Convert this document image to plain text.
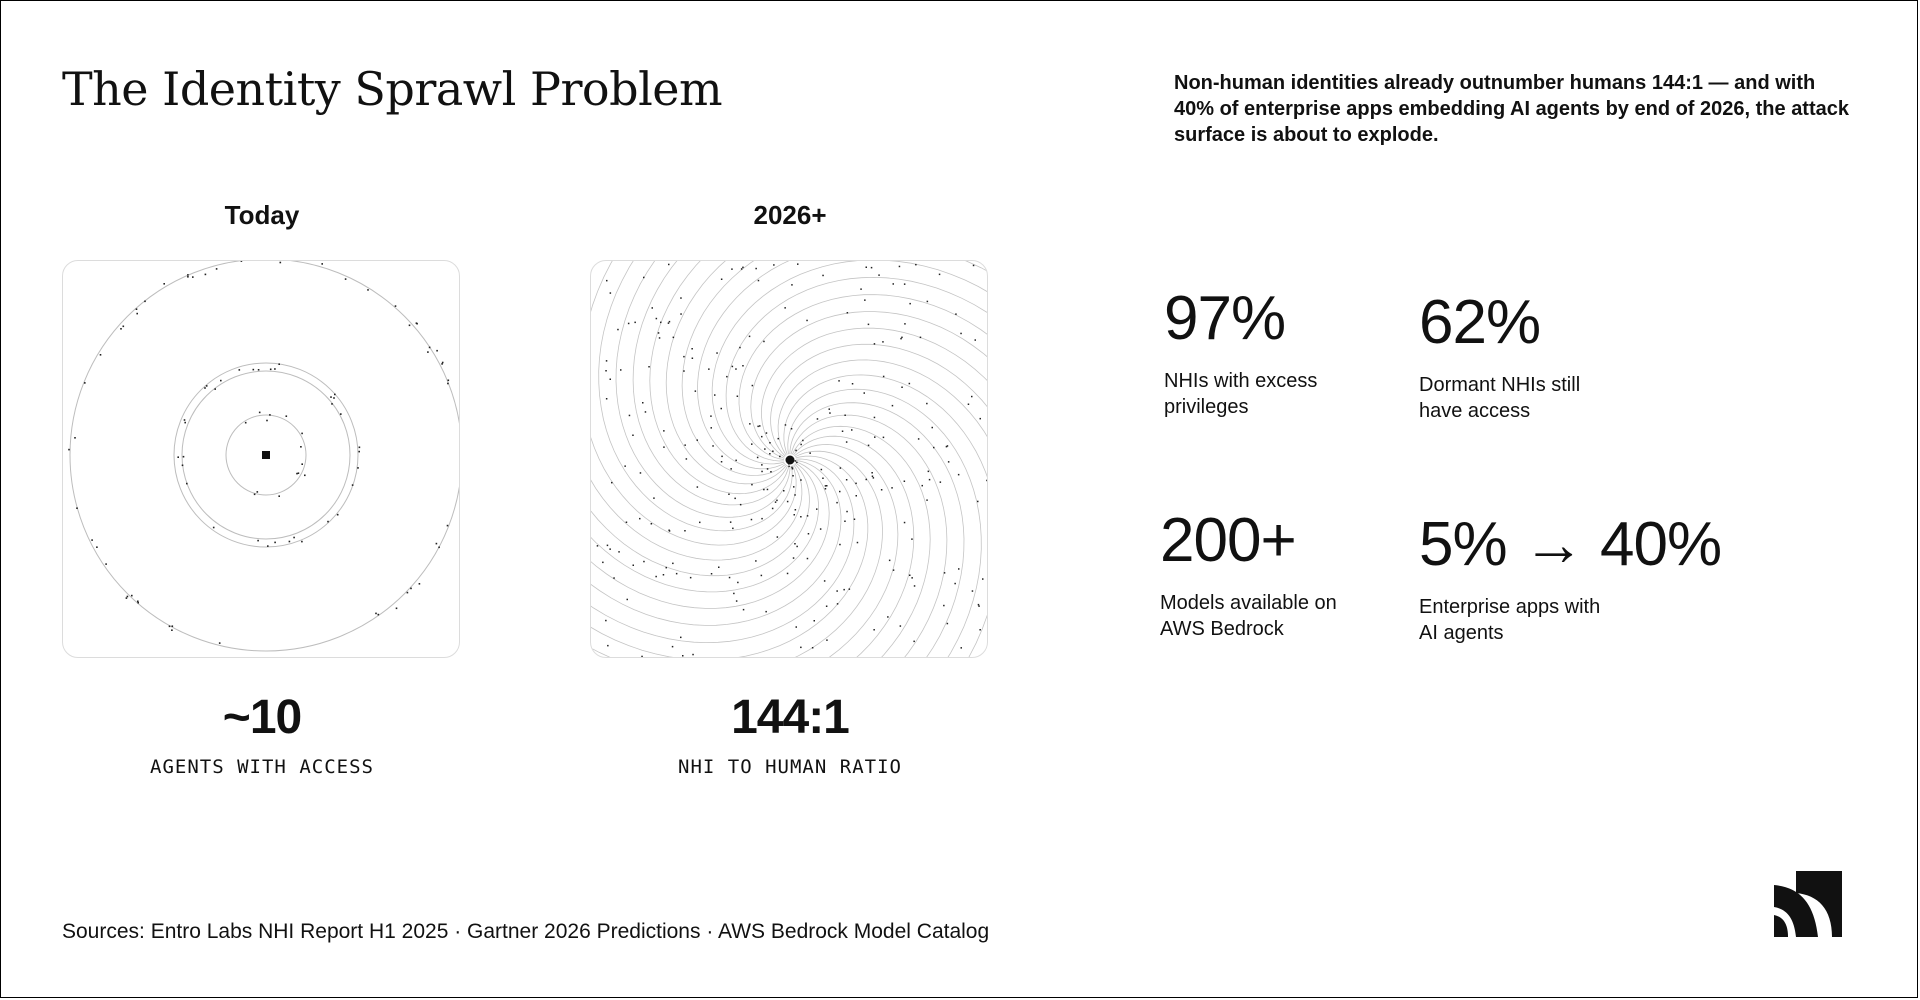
The Identity Sprawl Problem	Non-human identities already outnumber humans 144:1 — and with 40% of enterprise apps embedding AI agents by end of 2026, the attack surface is about to explode.

Today
~10
AGENTS WITH ACCESS
2026+
144:1
NHI TO HUMAN RATIO
97%
NHIs with excess privileges
62%
Dormant NHIs still have access
200+
Models available on AWS Bedrock
5% → 40%
Enterprise apps with AI agents
Sources: Entro Labs NHI Report H1 2025 · Gartner 2026 Predictions · AWS Bedrock Model Catalog
